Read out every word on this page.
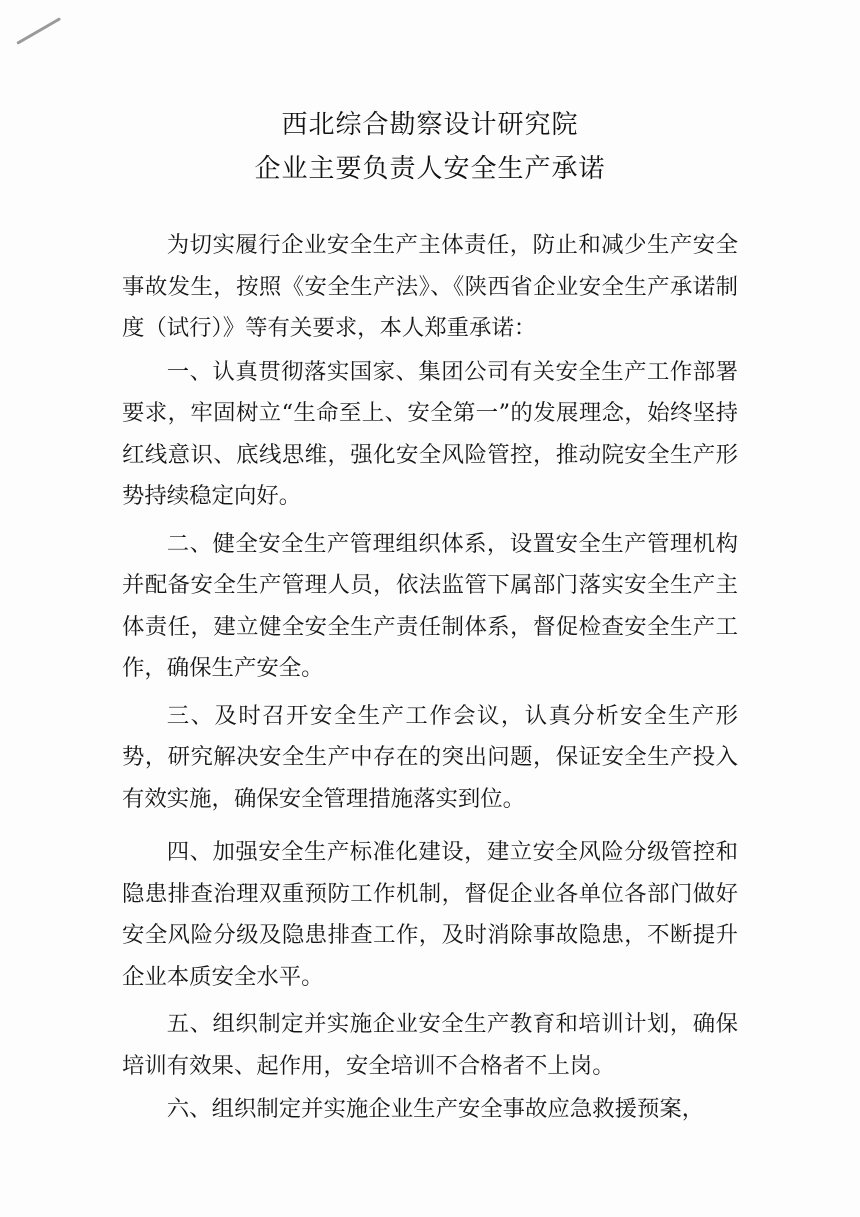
西北综合勘察设计研究院
企业主要负责人安全生产承诺

为切实履行企业安全生产主体责任，防止和减少生产安全事故发生，按照《安全生产法》、《陕西省企业安全生产承诺制度（试行）》等有关要求，本人郑重承诺：

一、认真贯彻落实国家、集团公司有关安全生产工作部署要求，牢固树立“生命至上、安全第一”的发展理念，始终坚持红线意识、底线思维，强化安全风险管控，推动院安全生产形势持续稳定向好。

二、健全安全生产管理组织体系，设置安全生产管理机构并配备安全生产管理人员，依法监管下属部门落实安全生产主体责任，建立健全安全生产责任制体系，督促检查安全生产工作，确保生产安全。

三、及时召开安全生产工作会议，认真分析安全生产形势，研究解决安全生产中存在的突出问题，保证安全生产投入有效实施，确保安全管理措施落实到位。

四、加强安全生产标准化建设，建立安全风险分级管控和隐患排查治理双重预防工作机制，督促企业各单位各部门做好安全风险分级及隐患排查工作，及时消除事故隐患，不断提升企业本质安全水平。

五、组织制定并实施企业安全生产教育和培训计划，确保培训有效果、起作用，安全培训不合格者不上岗。

六、组织制定并实施企业生产安全事故应急救援预案，
